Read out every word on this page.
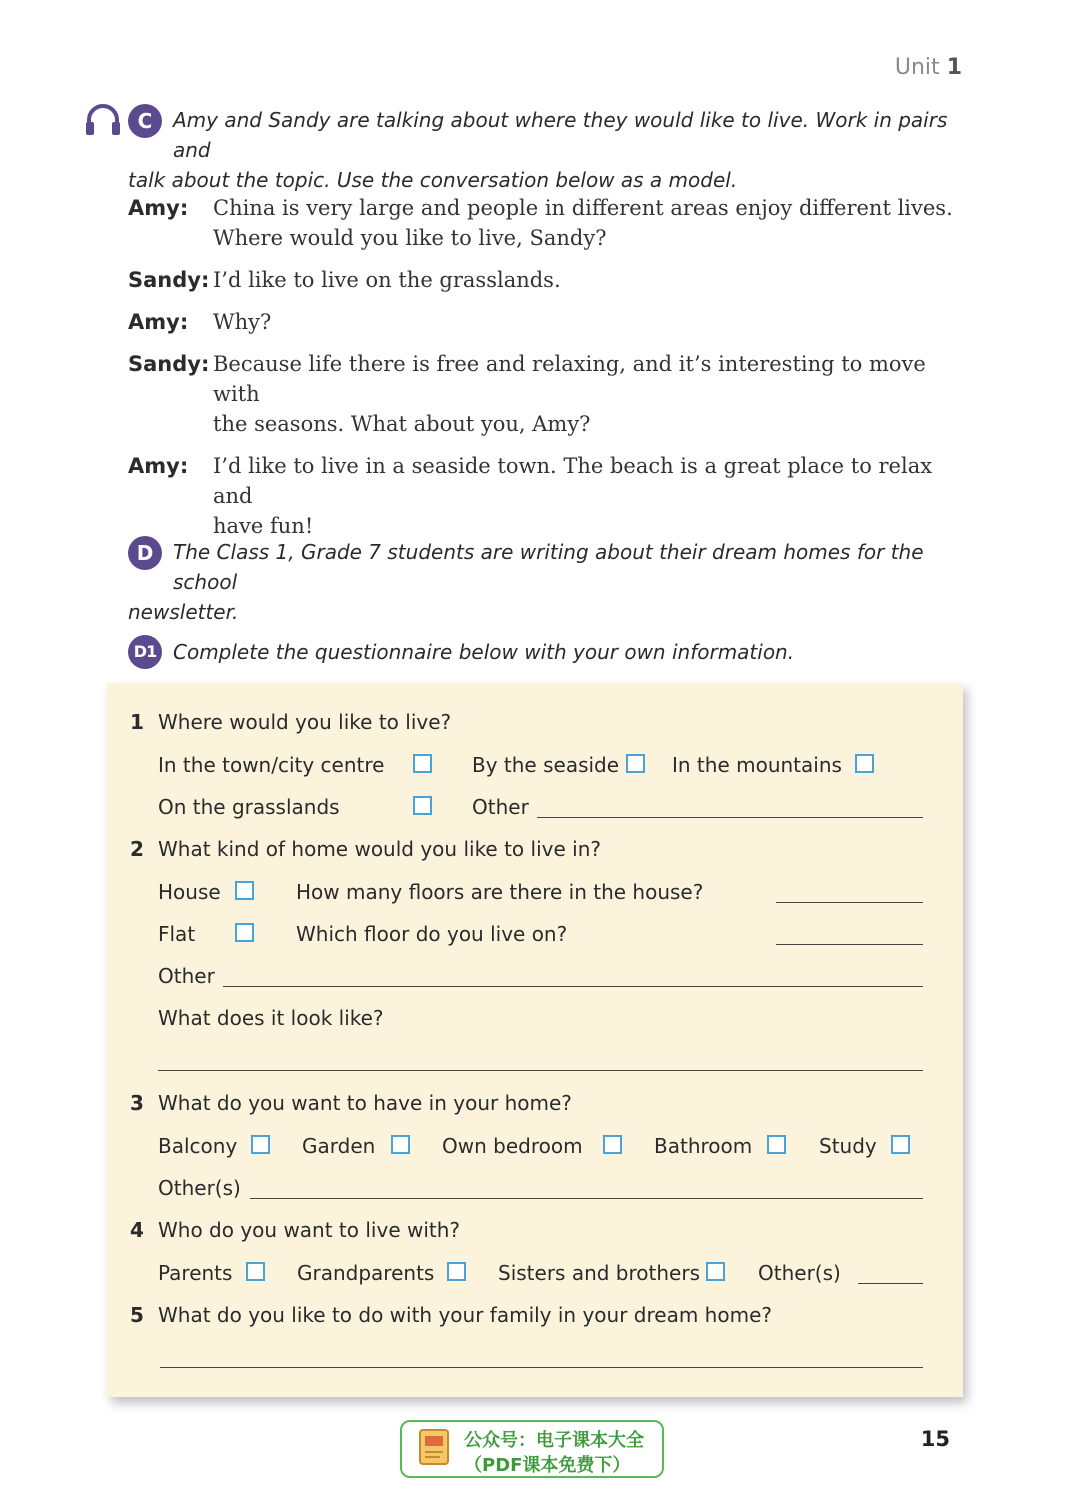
Unit 1
C	Amy and Sandy are talking about where they would like to live. Work in pairs and
talk about the topic. Use the conversation below as a model.
Amy:	China is very large and people in different areas enjoy different lives.
Where would you like to live, Sandy?
Sandy: I’d like to live on the grasslands.
Amy:	Why?
Sandy: Because life there is free and relaxing, and it’s interesting to move with
the seasons. What about you, Amy?
Amy:	I’d like to live in a seaside town. The beach is a great place to relax and
have fun!
D The Class 1, Grade 7 students are writing about their dream homes for the school
newsletter.
D1 Complete the questionnaire below with your own information.
1 Where would you like to live?
In the town/city centre	By the seaside	In the mountains
On the grasslands	Other
2 What kind of home would you like to live in?
House	How many floors are there in the house?
Flat	Which floor do you live on?
Other
What does it look like?
3 What do you want to have in your home?
Balcony	Garden	Own bedroom	Bathroom	Study
Other(s)
4 Who do you want to live with?
Parents	Grandparents	Sisters and brothers	Other(s)
5 What do you like to do with your family in your dream home?
公众号：电子课本大全
（PDF课本免费下）
15
